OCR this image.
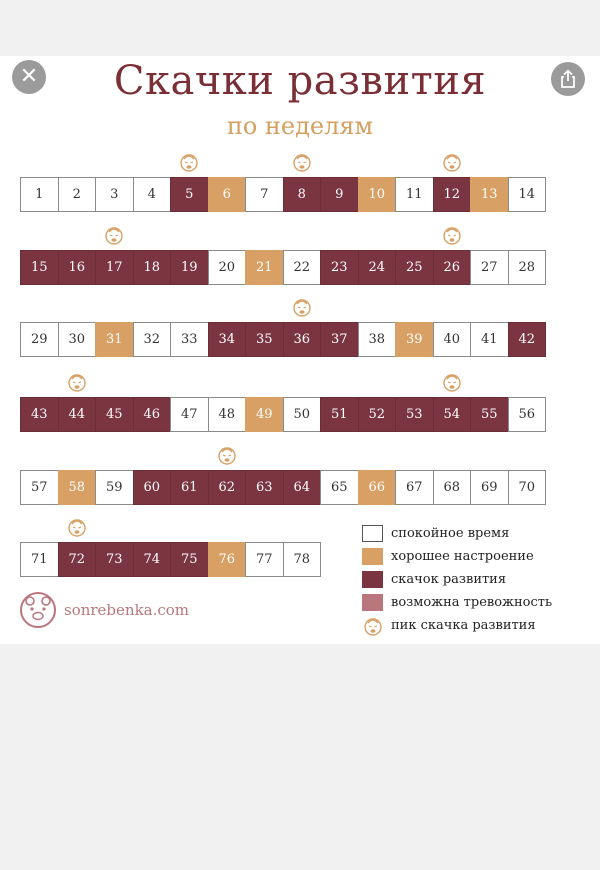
Скачки развития
по неделям
1	2	3	4	5	6	7	8	9	10	11	12	13	14
15	16	17	18	19	20	21	22	23	24	25	26	27	28
29	30	31	32	33	34	35	36	37	38	39	40	41	42
43	44	45	46	47	48	49	50	51	52	53	54	55	56
57	58	59	60	61	62	63	64	65	66	67	68	69	70
71	72	73	74	75	76	77	78
спокойное время
хорошее настроение
скачок развития
возможна тревожность
пик скачка развития
sonrebenka.com
✕
